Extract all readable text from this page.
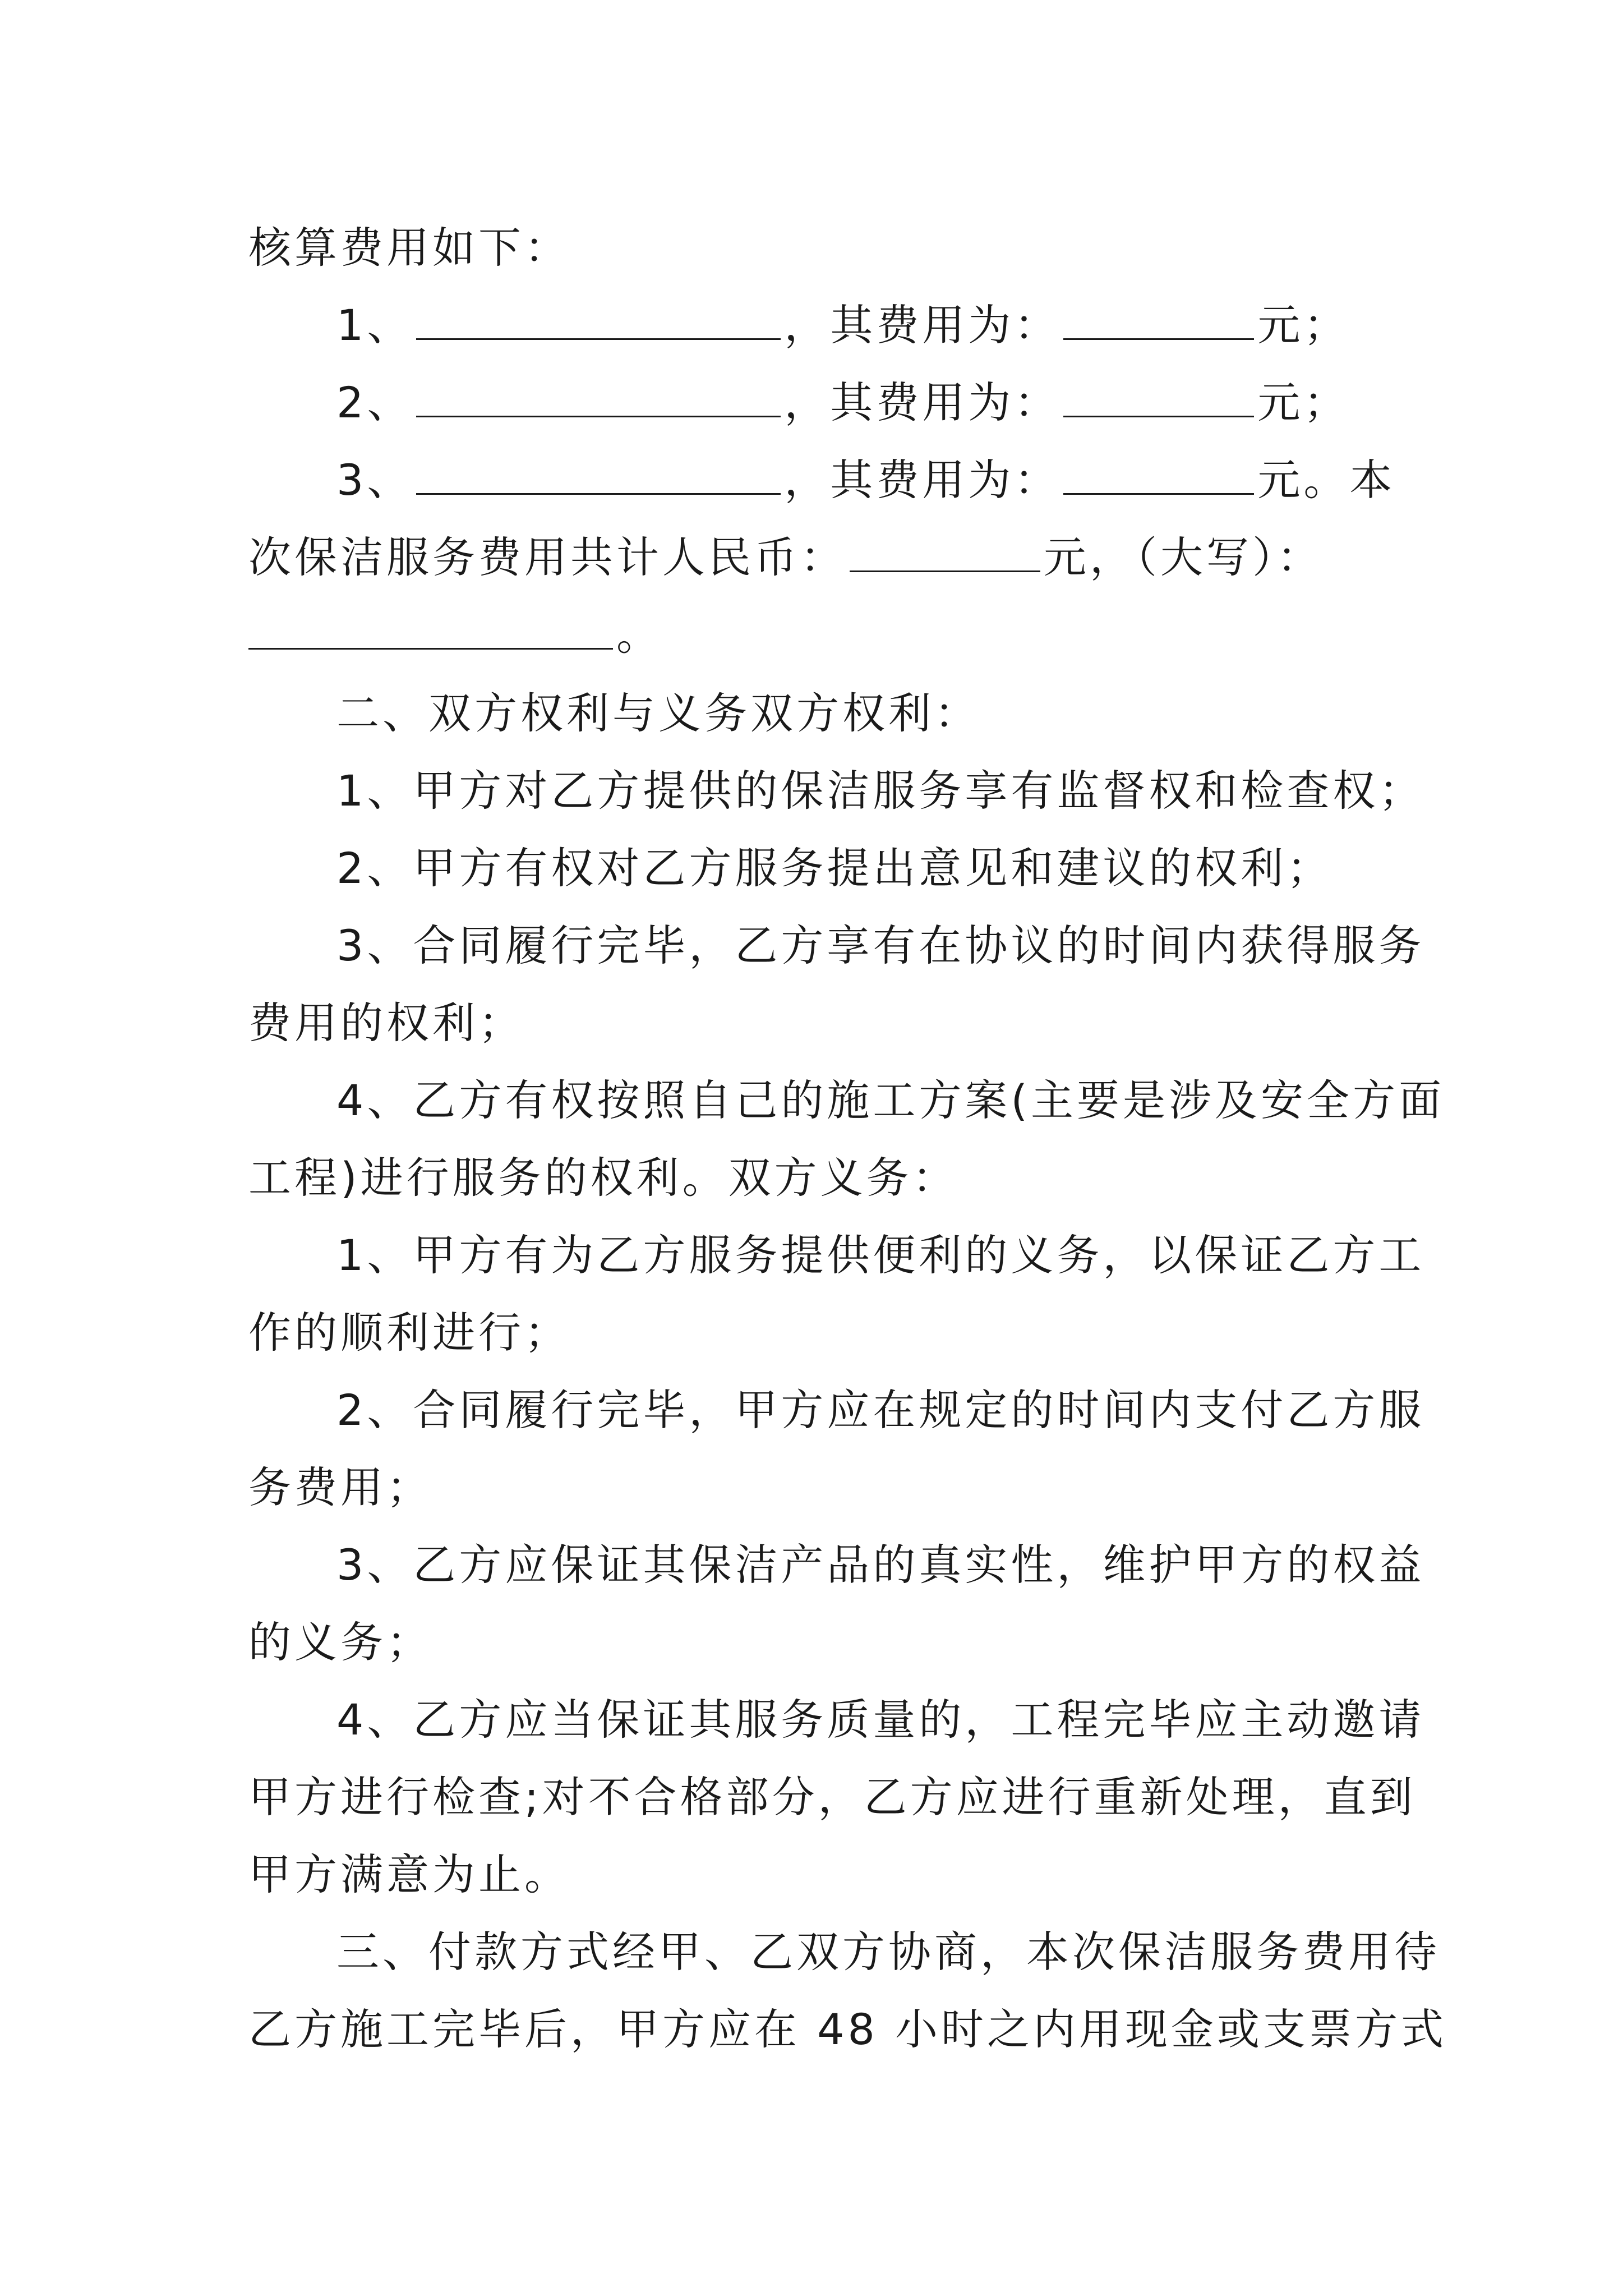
核算费用如下：
1、	，其费用为：	元；
2、	，其费用为：	元；
3、	，其费用为：	元。本
次保洁服务费用共计人民币：	元，（大写）：
。
二、双方权利与义务双方权利：
1、甲方对乙方提供的保洁服务享有监督权和检查权；
2、甲方有权对乙方服务提出意见和建议的权利；
3、合同履行完毕，乙方享有在协议的时间内获得服务
费用的权利；
4、乙方有权按照自己的施工方案(主要是涉及安全方面
工程)进行服务的权利。双方义务：
1、甲方有为乙方服务提供便利的义务，以保证乙方工
作的顺利进行；
2、合同履行完毕，甲方应在规定的时间内支付乙方服
务费用；
3、乙方应保证其保洁产品的真实性，维护甲方的权益
的义务；
4、乙方应当保证其服务质量的，工程完毕应主动邀请
甲方进行检查;对不合格部分，乙方应进行重新处理，直到
甲方满意为止。
三、付款方式经甲、乙双方协商，本次保洁服务费用待
乙方施工完毕后，甲方应在 48 小时之内用现金或支票方式
